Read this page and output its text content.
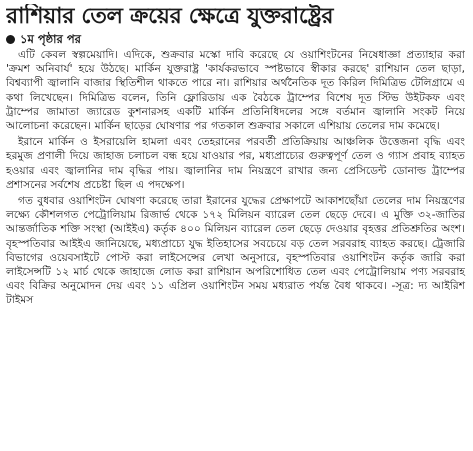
রাশিয়ার তেল ক্রয়ের ক্ষেত্রে যুক্তরাষ্ট্রের
১ম পৃষ্ঠার পর

এটি কেবল স্বল্পমেয়াদি। এদিকে, শুক্রবার মস্কো দাবি করেছে যে ওয়াশিংটনের নিষেধাজ্ঞা প্রত্যাহার করা 'ক্রমশ অনিবার্য' হয়ে উঠছে। মার্কিন যুক্তরাষ্ট্র 'কার্যকরভাবে স্পষ্টভাবে স্বীকার করছে' রাশিয়ান তেল ছাড়া, বিশ্বব্যাপী জ্বালানি বাজার স্থিতিশীল থাকতে পারে না। রাশিয়ার অর্থনৈতিক দূত কিরিল দিমিত্রিভ টেলিগ্রামে এ কথা লিখেছেন। দিমিত্রিভ বলেন, তিনি ফ্লোরিডায় এক বৈঠকে ট্রাম্পের বিশেষ দূত স্টিভ উইটকফ এবং ট্রাম্পের জামাতা জ্যারেড কুশনারসহ একটি মার্কিন প্রতিনিধিদলের সঙ্গে বর্তমান জ্বালানি সংকট নিয়ে আলোচনা করেছেন। মার্কিন ছাড়ের ঘোষণার পর গতকাল শুক্রবার সকালে এশিয়ায় তেলের দাম কমেছে।

ইরানে মার্কিন ও ইসরায়েলি হামলা এবং তেহরানের পরবর্তী প্রতিক্রিয়ায় আঞ্চলিক উত্তেজনা বৃদ্ধি এবং হরমুজ প্রণালী দিয়ে জাহাজ চলাচল বন্ধ হয়ে যাওয়ার পর, মধ্যপ্রাচ্যের গুরুত্বপূর্ণ তেল ও গ্যাস প্রবাহ ব্যাহত হওয়ার এবং জ্বালানির দাম বৃদ্ধির পায়। জ্বালানির দাম নিয়ন্ত্রণে রাখার জন্য প্রেসিডেন্ট ডোনাল্ড ট্রাম্পের প্রশাসনের সর্বশেষ প্রচেষ্টা ছিল এ পদক্ষেপ।

গত বুধবার ওয়াশিংটন ঘোষণা করেছে তারা ইরানের যুদ্ধের প্রেক্ষাপটে আকাশছোঁয়া তেলের দাম নিয়ন্ত্রণের লক্ষ্যে কৌশলগত পেট্রোলিয়াম রিজার্ভ থেকে ১৭২ মিলিয়ন ব্যারেল তেল ছেড়ে দেবে। এ মুক্তি ৩২-জাতির আন্তর্জাতিক শক্তি সংস্থা (আইইএ) কর্তৃক ৪০০ মিলিয়ন ব্যারেল তেল ছেড়ে দেওয়ার বৃহত্তর প্রতিশ্রুতির অংশ। বৃহস্পতিবার আইইএ জানিয়েছে, মধ্যপ্রাচ্যে যুদ্ধ ইতিহাসের সবচেয়ে বড় তেল সরবরাহ ব্যাহত করছে। ট্রেজারি বিভাগের ওয়েবসাইটে পোস্ট করা লাইসেন্সের লেখা অনুসারে, বৃহস্পতিবার ওয়াশিংটন কর্তৃক জারি করা লাইসেন্সটি ১২ মার্চ থেকে জাহাজে লোড করা রাশিয়ান অপরিশোধিত তেল এবং পেট্রোলিয়াম পণ্য সরবরাহ এবং বিক্রির অনুমোদন দেয় এবং ১১ এপ্রিল ওয়াশিংটন সময় মধ্যরাত পর্যন্ত বৈধ থাকবে। -সূত্র: দ্য আইরিশ টাইমস
